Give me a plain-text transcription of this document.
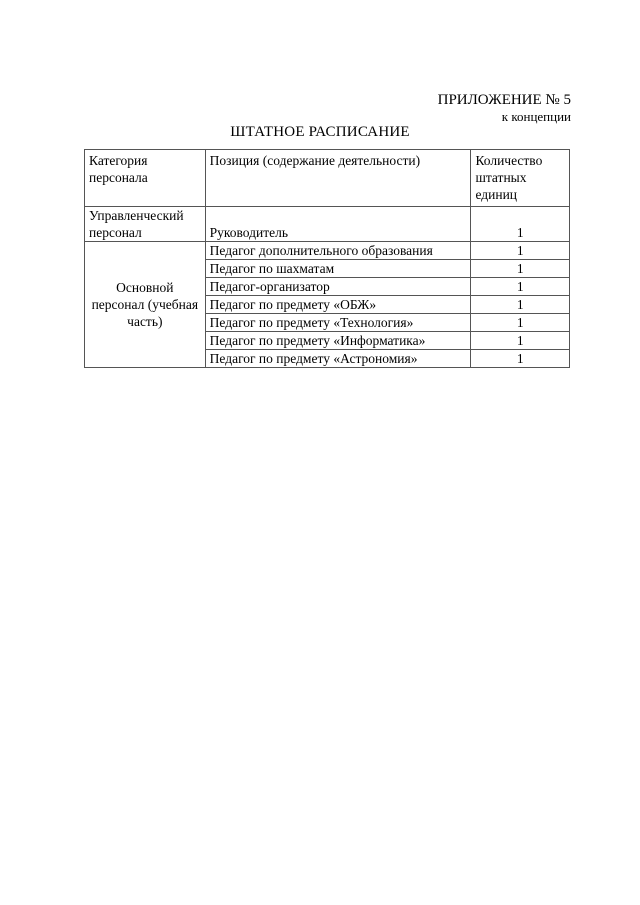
ПРИЛОЖЕНИЕ № 5
к концепции
ШТАТНОЕ РАСПИСАНИЕ
Категория персонала	Позиция (содержание деятельности)	Количество штатных единиц
Управленческий персонал	Руководитель	1
Основной персонал (учебная часть)	Педагог дополнительного образования	1
	Педагог по шахматам	1
	Педагог-организатор	1
	Педагог по предмету «ОБЖ»	1
	Педагог по предмету «Технология»	1
	Педагог по предмету «Информатика»	1
	Педагог по предмету «Астрономия»	1
